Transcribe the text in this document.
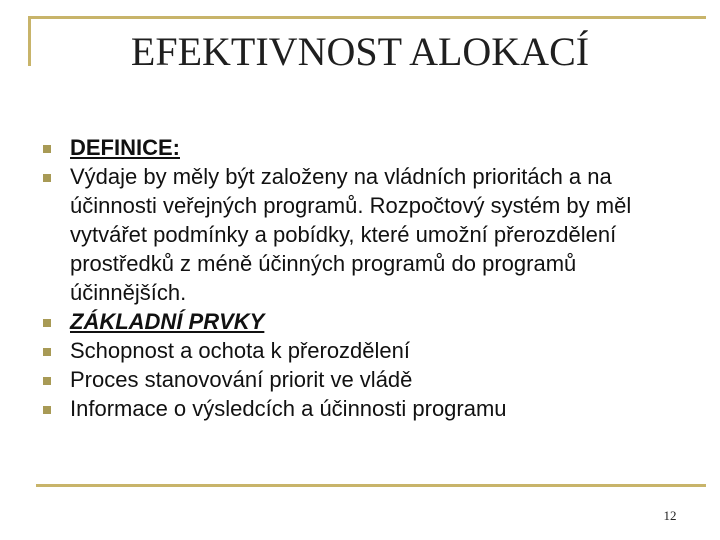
EFEKTIVNOST ALOKACÍ
DEFINICE:
Výdaje by měly být založeny na vládních prioritách a na účinnosti veřejných programů. Rozpočtový systém by měl vytvářet podmínky a pobídky, které umožní přerozdělení prostředků z méně účinných programů do programů účinnějších.
ZÁKLADNÍ PRVKY
Schopnost a ochota k přerozdělení
Proces stanovování priorit ve vládě
Informace o výsledcích a účinnosti programu
12
